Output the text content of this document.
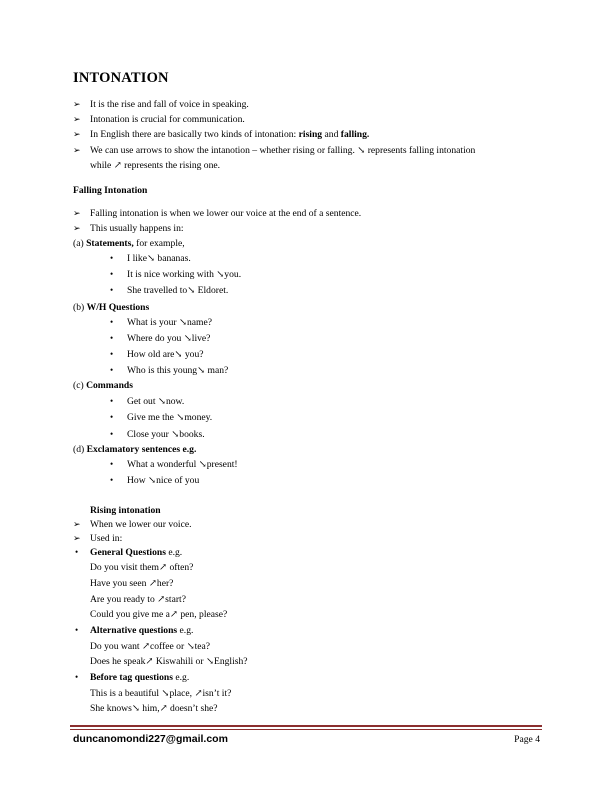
INTONATION
➢ It is the rise and fall of voice in speaking.
➢ Intonation is crucial for communication.
➢ In English there are basically two kinds of intonation: rising and falling.
➢ We can use arrows to show the intanotion – whether rising or falling. ↘ represents falling intonation
while ↗ represents the rising one.
Falling Intonation
➢ Falling intonation is when we lower our voice at the end of a sentence.
➢ This usually happens in:
(a) Statements, for example,
• I like↘ bananas.
• It is nice working with ↘you.
• She travelled to↘ Eldoret.
(b) W/H Questions
• What is your ↘name?
• Where do you ↘live?
• How old are↘ you?
• Who is this young↘ man?
(c) Commands
• Get out ↘now.
• Give me the ↘money.
• Close your ↘books.
(d) Exclamatory sentences e.g.
• What a wonderful ↘present!
• How ↘nice of you
Rising intonation
➢ When we lower our voice.
➢ Used in:
• General Questions e.g.
Do you visit them↗ often?
Have you seen ↗her?
Are you ready to ↗start?
Could you give me a↗ pen, please?
• Alternative questions e.g.
Do you want ↗coffee or ↘tea?
Does he speak↗ Kiswahili or ↘English?
• Before tag questions e.g.
This is a beautiful ↘place, ↗isn’t it?
She knows↘ him,↗ doesn’t she?
duncanomondi227@gmail.com	Page 4
